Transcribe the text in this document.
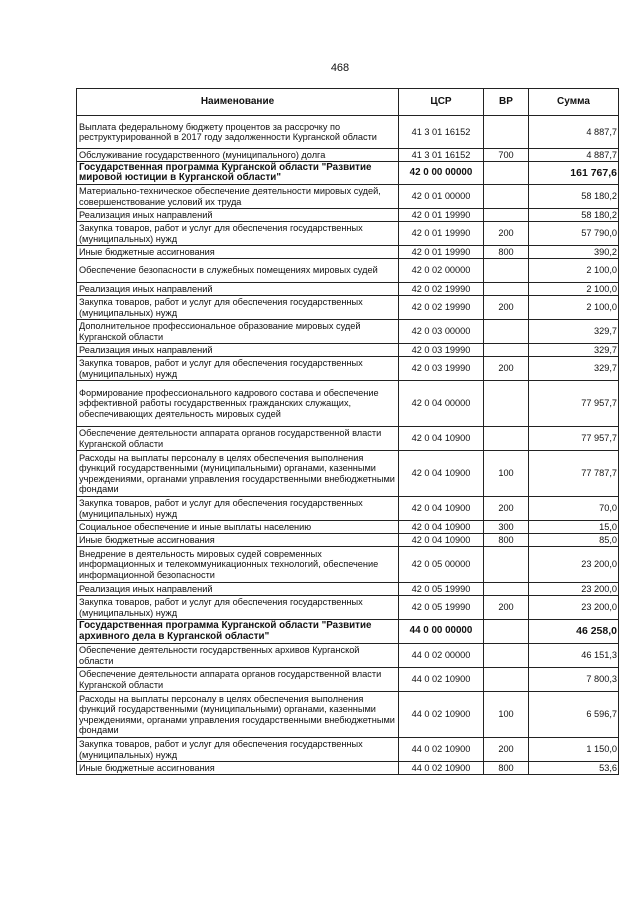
468
Наименование	ЦСР	ВР	Сумма
Выплата федеральному бюджету процентов за рассрочку по реструктурированной в 2017 году задолженности Курганской области	41 3 01 16152		4 887,7
Обслуживание государственного (муниципального) долга	41 3 01 16152	700	4 887,7
Государственная программа Курганской области "Развитие мировой юстиции в Курганской области"	42 0 00 00000		161 767,6
Материально-техническое обеспечение деятельности мировых судей, совершенствование условий их труда	42 0 01 00000		58 180,2
Реализация иных направлений	42 0 01 19990		58 180,2
Закупка товаров, работ и услуг для обеспечения государственных (муниципальных) нужд	42 0 01 19990	200	57 790,0
Иные бюджетные ассигнования	42 0 01 19990	800	390,2
Обеспечение безопасности в служебных помещениях мировых судей	42 0 02 00000		2 100,0
Реализация иных направлений	42 0 02 19990		2 100,0
Закупка товаров, работ и услуг для обеспечения государственных (муниципальных) нужд	42 0 02 19990	200	2 100,0
Дополнительное профессиональное образование мировых судей Курганской области	42 0 03 00000		329,7
Реализация иных направлений	42 0 03 19990		329,7
Закупка товаров, работ и услуг для обеспечения государственных (муниципальных) нужд	42 0 03 19990	200	329,7
Формирование профессионального кадрового состава и обеспечение эффективной работы государственных гражданских служащих, обеспечивающих деятельность мировых судей	42 0 04 00000		77 957,7
Обеспечение деятельности аппарата органов государственной власти Курганской области	42 0 04 10900		77 957,7
Расходы на выплаты персоналу в целях обеспечения выполнения функций государственными (муниципальными) органами, казенными учреждениями, органами управления государственными внебюджетными фондами	42 0 04 10900	100	77 787,7
Закупка товаров, работ и услуг для обеспечения государственных (муниципальных) нужд	42 0 04 10900	200	70,0
Социальное обеспечение и иные выплаты населению	42 0 04 10900	300	15,0
Иные бюджетные ассигнования	42 0 04 10900	800	85,0
Внедрение в деятельность мировых судей современных информационных и телекоммуникационных технологий, обеспечение информационной безопасности	42 0 05 00000		23 200,0
Реализация иных направлений	42 0 05 19990		23 200,0
Закупка товаров, работ и услуг для обеспечения государственных (муниципальных) нужд	42 0 05 19990	200	23 200,0
Государственная программа Курганской области "Развитие архивного дела в Курганской области"	44 0 00 00000		46 258,0
Обеспечение деятельности государственных архивов Курганской области	44 0 02 00000		46 151,3
Обеспечение деятельности аппарата органов государственной власти Курганской области	44 0 02 10900		7 800,3
Расходы на выплаты персоналу в целях обеспечения выполнения функций государственными (муниципальными) органами, казенными учреждениями, органами управления государственными внебюджетными фондами	44 0 02 10900	100	6 596,7
Закупка товаров, работ и услуг для обеспечения государственных (муниципальных) нужд	44 0 02 10900	200	1 150,0
Иные бюджетные ассигнования	44 0 02 10900	800	53,6
